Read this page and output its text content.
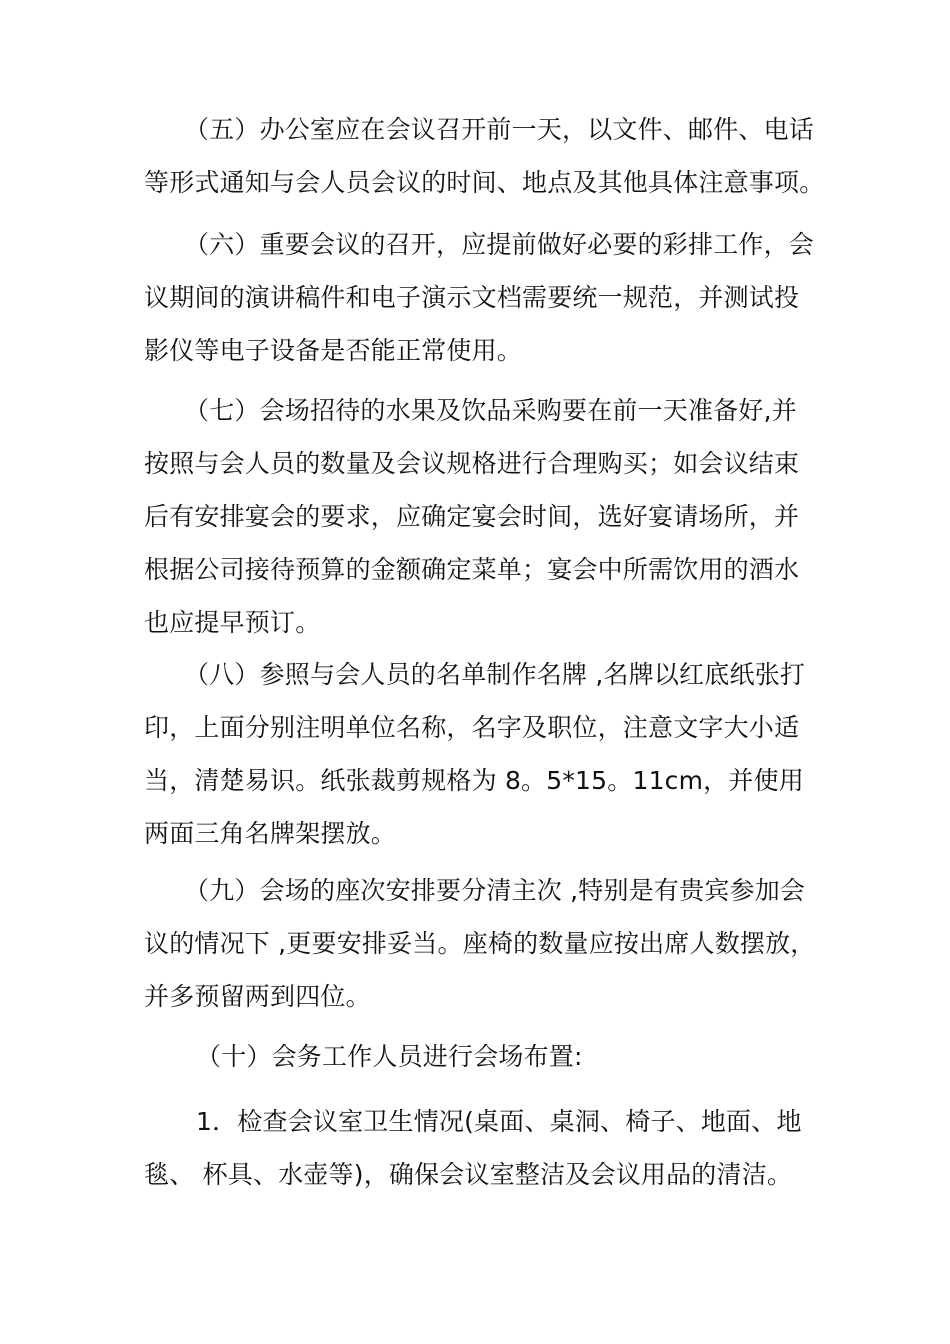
（五）办公室应在会议召开前一天，以文件、邮件、电话
等形式通知与会人员会议的时间、地点及其他具体注意事项。
（六）重要会议的召开，应提前做好必要的彩排工作，会
议期间的演讲稿件和电子演示文档需要统一规范，并测试投
影仪等电子设备是否能正常使用。
（七）会场招待的水果及饮品采购要在前一天准备好,并
按照与会人员的数量及会议规格进行合理购买；如会议结束
后有安排宴会的要求，应确定宴会时间，选好宴请场所，并
根据公司接待预算的金额确定菜单；宴会中所需饮用的酒水
也应提早预订。
（八）参照与会人员的名单制作名牌 ,名牌以红底纸张打
印，上面分别注明单位名称，名字及职位，注意文字大小适
当，清楚易识。纸张裁剪规格为 8。5*15。11cm，并使用
两面三角名牌架摆放。
（九）会场的座次安排要分清主次 ,特别是有贵宾参加会
议的情况下 ,更要安排妥当。座椅的数量应按出席人数摆放，
并多预留两到四位。
（十）会务工作人员进行会场布置:
1．检查会议室卫生情况(桌面、桌洞、椅子、地面、地
毯、 杯具、水壶等)，确保会议室整洁及会议用品的清洁。
